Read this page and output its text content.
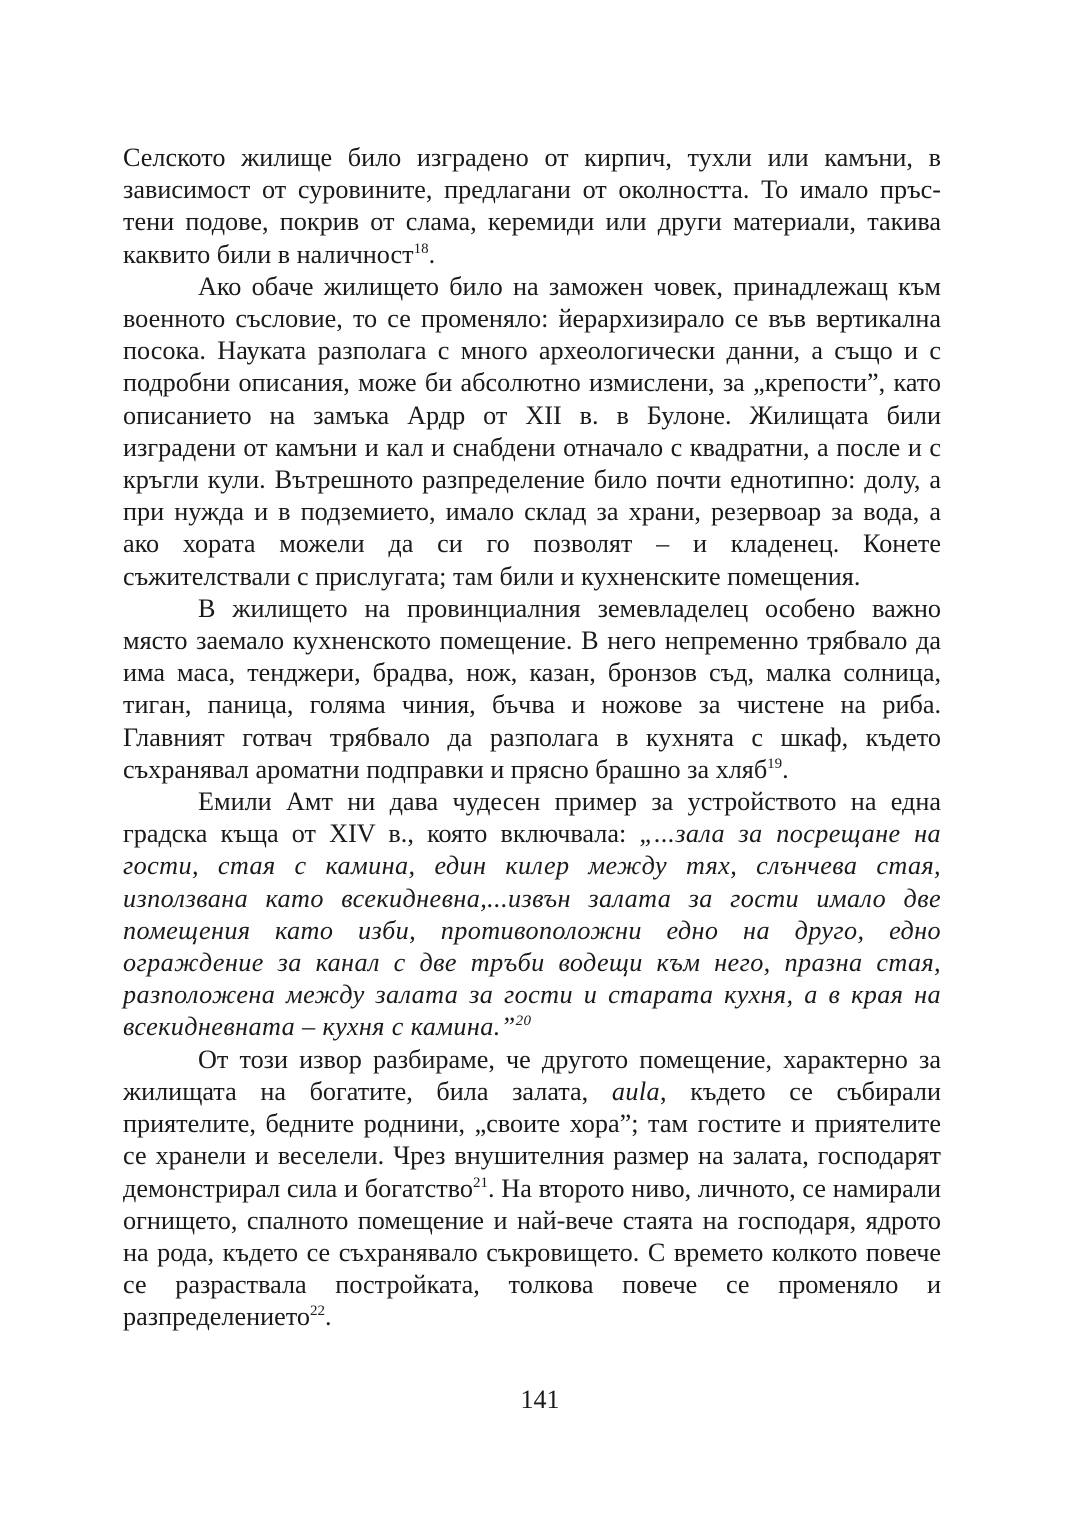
Селското жилище било изградено от кирпич, тухли или камъни, в зависимост от суровините, предлагани от околността. То имало пръстени подове, покрив от слама, керемиди или други материали, такива каквито били в наличност$^{18}$.

Ако обаче жилището било на заможен човек, принадлежащ към военното съсловие, то се променяло: йерархизирало се във вертикална посока. Науката разполага с много археологически данни, а също и с подробни описания, може би абсолютно измислени, за „крепости”, като описанието на замъка Ардр от XII в. в Булоне. Жилищата били изградени от камъни и кал и снабдени отначало с квадратни, а после и с кръгли кули. Вътрешното разпределение било почти еднотипно: долу, а при нужда и в подземието, имало склад за храни, резервоар за вода, а ако хората можели да си го позволят – и кладенец. Конете съжителствали с прислугата; там били и кухненските помещения.

В жилището на провинциалния земевладелец особено важно място заемало кухненското помещение. В него непременно трябвало да има маса, тенджери, брадва, нож, казан, бронзов съд, малка солница, тиган, паница, голяма чиния, бъчва и ножове за чистене на риба. Главният готвач трябвало да разполага в кухнята с шкаф, където съхранявал ароматни подправки и прясно брашно за хляб$^{19}$.

Емили Амт ни дава чудесен пример за устройството на една градска къща от XIV в., която включвала: „...зала за посрещане на гости, стая с камина, един килер между тях, слънчева стая, използвана като всекидневна,...извън залата за гости имало две помещения като изби, противоположни едно на друго, едно ограждение за канал с две тръби водещи към него, празна стая, разположена между залата за гости и старата кухня, а в края на всекидневната – кухня с камина.”$^{20}$

От този извор разбираме, че другото помещение, характерно за жилищата на богатите, била залата, aula, където се събирали приятелите, бедните роднини, „своите хора”; там гостите и приятелите се хранели и веселели. Чрез внушителния размер на залата, господарят демонстрирал сила и богатство$^{21}$. На второто ниво, личното, се намирали огнището, спалното помещение и най-вече стаята на господаря, ядрото на рода, където се съхранявало съкровището. С времето колкото повече се разраствала постройката, толкова повече се променяло и разпределението$^{22}$.

141
